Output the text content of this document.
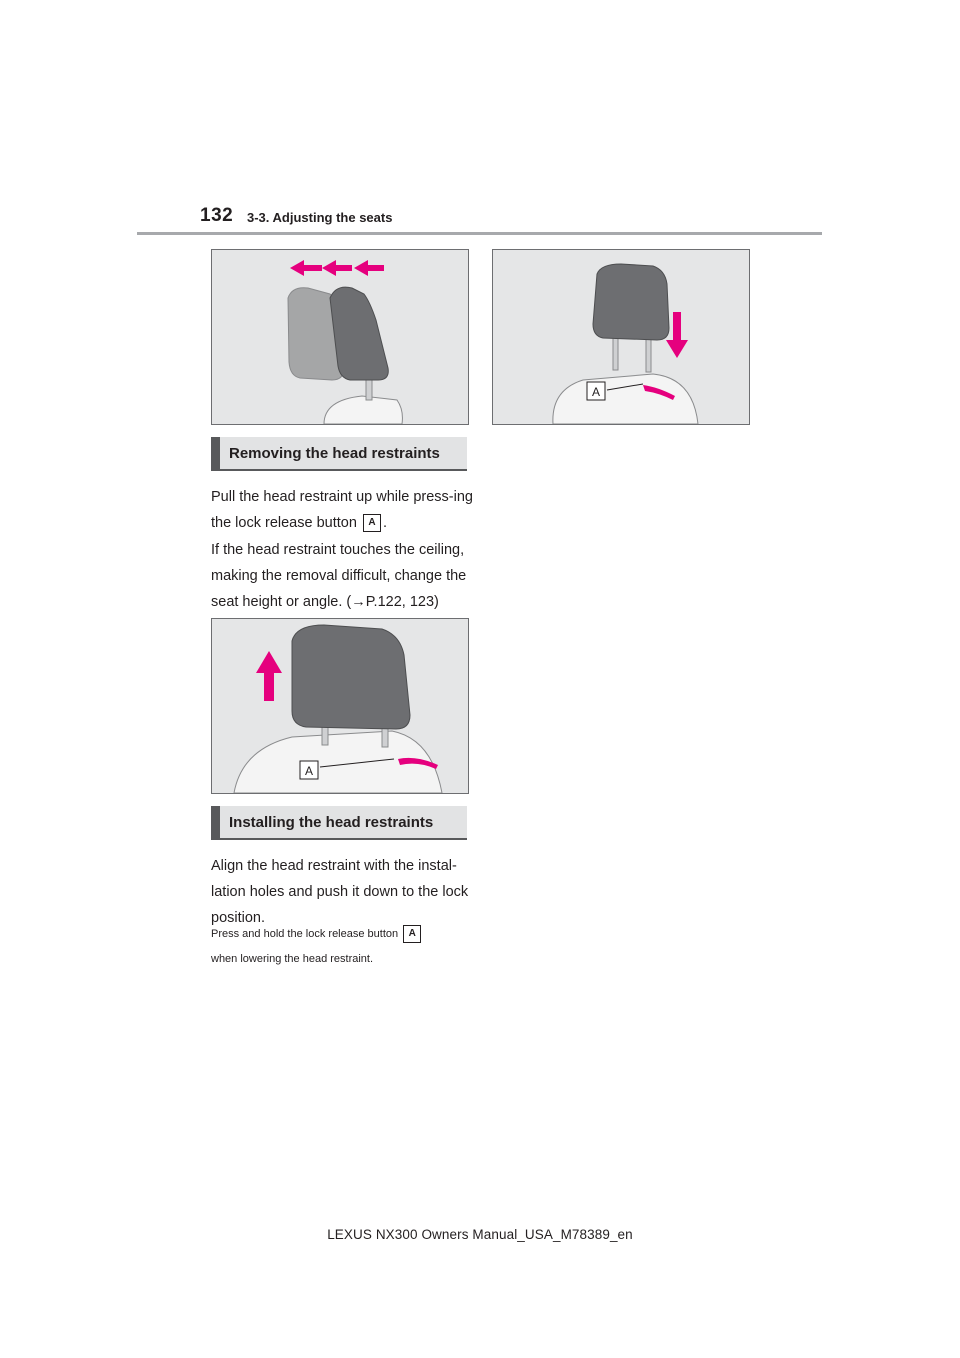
132 3-3. Adjusting the seats
A
Removing the head restraints
Pull the head restraint up while press-ing the lock release button A .
If the head restraint touches the ceiling, making the removal difficult, change the seat height or angle. (→P.122, 123)
A
Installing the head restraints
Align the head restraint with the instal-lation holes and push it down to the lock position.
Press and hold the lock release button A
when lowering the head restraint.
LEXUS NX300 Owners Manual_USA_M78389_en
